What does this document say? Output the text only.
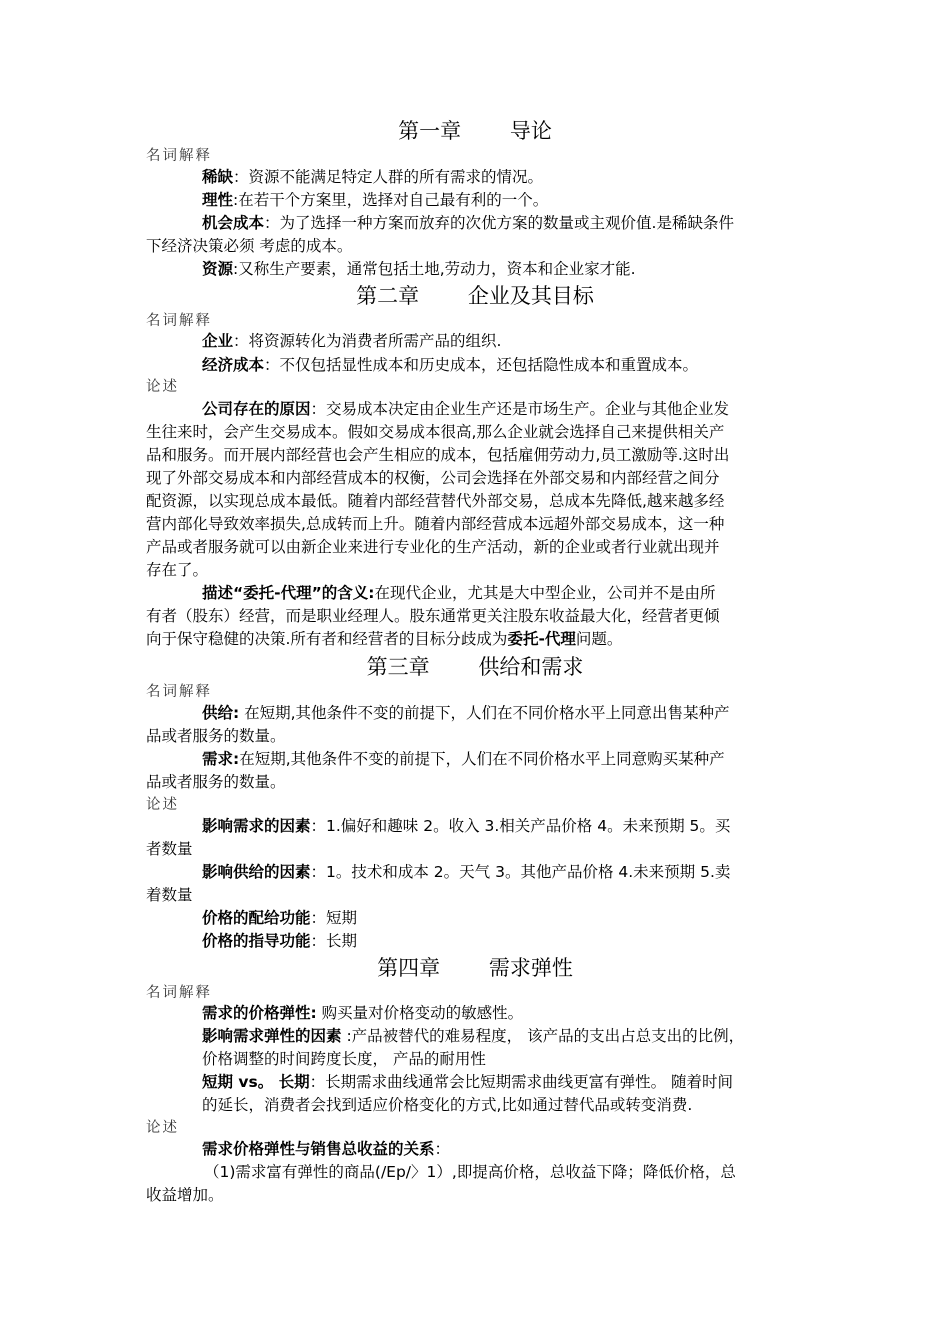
第一章　　 导论
名词解释
稀缺：资源不能满足特定人群的所有需求的情况。
理性:在若干个方案里，选择对自己最有利的一个。
机会成本：为了选择一种方案而放弃的次优方案的数量或主观价值.是稀缺条件
下经济决策必须 考虑的成本。
资源:又称生产要素，通常包括土地,劳动力，资本和企业家才能.
第二章　　 企业及其目标
名词解释
企业：将资源转化为消费者所需产品的组织.
经济成本：不仅包括显性成本和历史成本，还包括隐性成本和重置成本。
论述
公司存在的原因：交易成本决定由企业生产还是市场生产。企业与其他企业发
生往来时，会产生交易成本。假如交易成本很高,那么企业就会选择自己来提供相关产
品和服务。而开展内部经营也会产生相应的成本，包括雇佣劳动力,员工激励等.这时出
现了外部交易成本和内部经营成本的权衡，公司会选择在外部交易和内部经营之间分
配资源，以实现总成本最低。随着内部经营替代外部交易，总成本先降低,越来越多经
营内部化导致效率损失,总成转而上升。随着内部经营成本远超外部交易成本，这一种
产品或者服务就可以由新企业来进行专业化的生产活动，新的企业或者行业就出现并
存在了。
描述“委托-代理”的含义:在现代企业，尤其是大中型企业，公司并不是由所
有者（股东）经营，而是职业经理人。股东通常更关注股东收益最大化，经营者更倾
向于保守稳健的决策.所有者和经营者的目标分歧成为委托-代理问题。
第三章　　 供给和需求
名词解释
供给: 在短期,其他条件不变的前提下，人们在不同价格水平上同意出售某种产
品或者服务的数量。
需求:在短期,其他条件不变的前提下，人们在不同价格水平上同意购买某种产
品或者服务的数量。
论述
影响需求的因素：1.偏好和趣味 2。收入 3.相关产品价格 4。未来预期 5。买
者数量
影响供给的因素：1。技术和成本 2。天气 3。其他产品价格 4.未来预期 5.卖
着数量
价格的配给功能：短期
价格的指导功能：长期
第四章　　 需求弹性
名词解释
需求的价格弹性: 购买量对价格变动的敏感性。
影响需求弹性的因素 :产品被替代的难易程度， 该产品的支出占总支出的比例，
价格调整的时间跨度长度， 产品的耐用性
短期 vs。 长期：长期需求曲线通常会比短期需求曲线更富有弹性。 随着时间
的延长，消费者会找到适应价格变化的方式,比如通过替代品或转变消费.
论述
需求价格弹性与销售总收益的关系：
（1)需求富有弹性的商品(/Ep/〉1）,即提高价格，总收益下降；降低价格，总
收益增加。
